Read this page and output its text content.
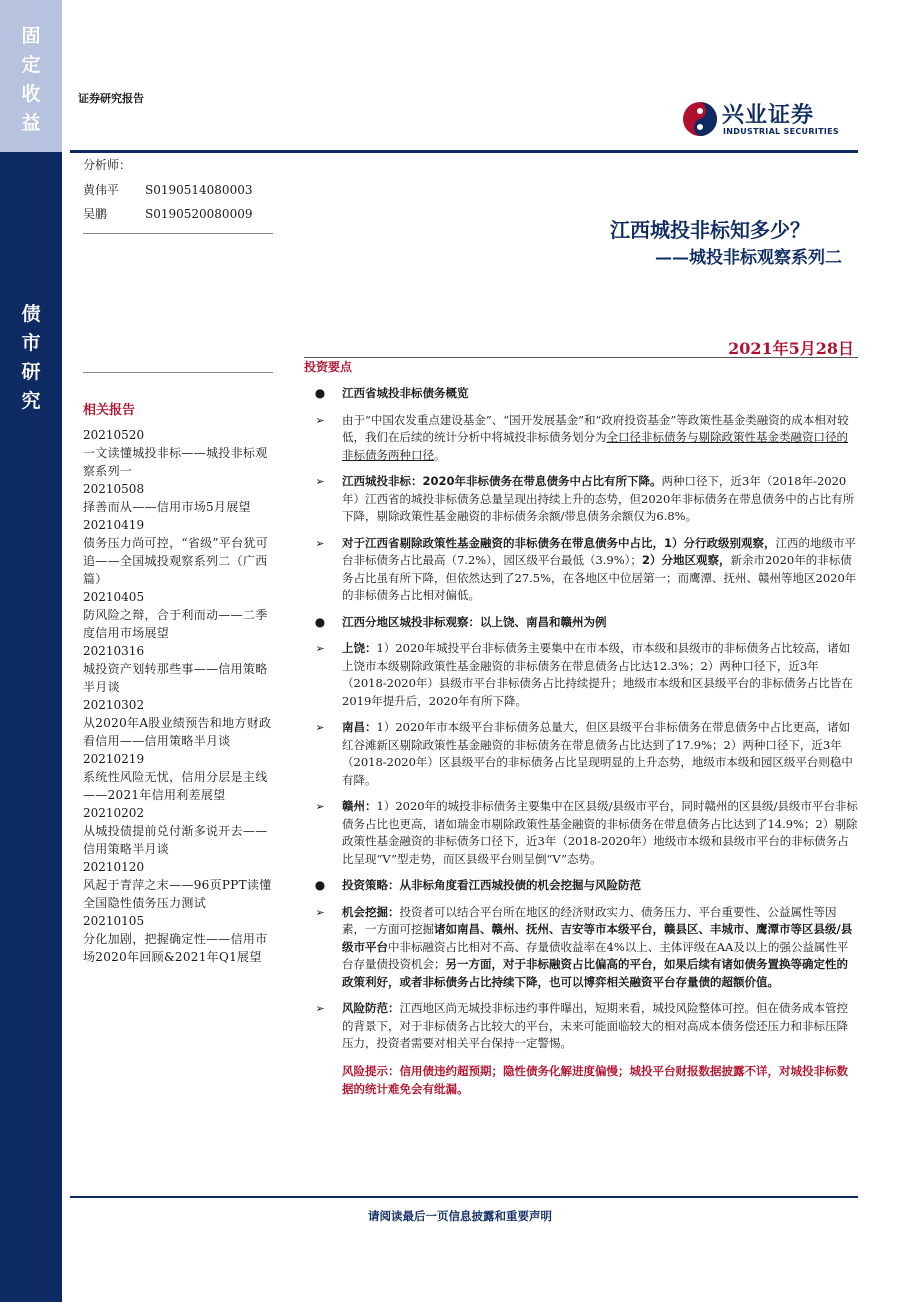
固
定
收
益
债
市
研
究
证券研究报告
兴业证券
INDUSTRIAL SECURITIES
分析师：
黄伟平	S0190514080003
吴鹏	S0190520080009
江西城投非标知多少？
——城投非标观察系列二
2021年5月28日
投资要点
相关报告
20210520
一文读懂城投非标——城投非标观察系列一
20210508
择善而从——信用市场5月展望
20210419
债务压力尚可控，“省级”平台犹可追——全国城投观察系列二（广西篇）
20210405
防风险之辩，合于利而动——二季度信用市场展望
20210316
城投资产划转那些事——信用策略半月谈
20210302
从2020年A股业绩预告和地方财政看信用——信用策略半月谈
20210219
系统性风险无忧，信用分层是主线——2021年信用利差展望
20210202
从城投债提前兑付渐多说开去——信用策略半月谈
20210120
风起于青萍之末——96页PPT读懂全国隐性债务压力测试
20210105
分化加剧，把握确定性——信用市场2020年回顾&2021年Q1展望
●	江西省城投非标债务概览
➢	由于“中国农发重点建设基金”、“国开发展基金”和“政府投资基金”等政策性基金类融资的成本相对较低，我们在后续的统计分析中将城投非标债务划分为全口径非标债务与剔除政策性基金类融资口径的非标债务两种口径。
➢	江西城投非标：2020年非标债务在带息债务中占比有所下降。两种口径下，近3年（2018年-2020年）江西省的城投非标债务总量呈现出持续上升的态势，但2020年非标债务在带息债务中的占比有所下降，剔除政策性基金融资的非标债务余额/带息债务余额仅为6.8%。
➢	对于江西省剔除政策性基金融资的非标债务在带息债务中占比，1）分行政级别观察，江西的地级市平台非标债务占比最高（7.2%），园区级平台最低（3.9%）；2）分地区观察，新余市2020年的非标债务占比虽有所下降，但依然达到了27.5%，在各地区中位居第一；而鹰潭、抚州、赣州等地区2020年的非标债务占比相对偏低。
●	江西分地区城投非标观察：以上饶、南昌和赣州为例
➢	上饶：1）2020年城投平台非标债务主要集中在市本级，市本级和县级市的非标债务占比较高，诸如上饶市本级剔除政策性基金融资的非标债务在带息债务占比达12.3%；2）两种口径下，近3年（2018-2020年）县级市平台非标债务占比持续提升；地级市本级和区县级平台的非标债务占比皆在2019年提升后，2020年有所下降。
➢	南昌：1）2020年市本级平台非标债务总量大，但区县级平台非标债务在带息债务中占比更高，诸如红谷滩新区剔除政策性基金融资的非标债务在带息债务占比达到了17.9%；2）两种口径下，近3年（2018-2020年）区县级平台的非标债务占比呈现明显的上升态势，地级市本级和园区级平台则稳中有降。
➢	赣州：1）2020年的城投非标债务主要集中在区县级/县级市平台，同时赣州的区县级/县级市平台非标债务占比也更高，诸如瑞金市剔除政策性基金融资的非标债务在带息债务占比达到了14.9%；2）剔除政策性基金融资的非标债务口径下，近3年（2018-2020年）地级市本级和县级市平台的非标债务占比呈现“V”型走势，而区县级平台则呈倒“V”态势。
●	投资策略：从非标角度看江西城投债的机会挖掘与风险防范
➢	机会挖掘：投资者可以结合平台所在地区的经济财政实力、债务压力、平台重要性、公益属性等因素，一方面可挖掘诸如南昌、赣州、抚州、吉安等市本级平台，赣县区、丰城市、鹰潭市等区县级/县级市平台中非标融资占比相对不高、存量债收益率在4%以上、主体评级在AA及以上的强公益属性平台存量债投资机会；另一方面，对于非标融资占比偏高的平台，如果后续有诸如债务置换等确定性的政策利好，或者非标债务占比持续下降，也可以博弈相关融资平台存量债的超额价值。
➢	风险防范：江西地区尚无城投非标违约事件曝出，短期来看，城投风险整体可控。但在债务成本管控的背景下，对于非标债务占比较大的平台，未来可能面临较大的相对高成本债务偿还压力和非标压降压力，投资者需要对相关平台保持一定警惕。
风险提示：信用债违约超预期；隐性债务化解进度偏慢；城投平台财报数据披露不详，对城投非标数据的统计难免会有纰漏。
请阅读最后一页信息披露和重要声明
